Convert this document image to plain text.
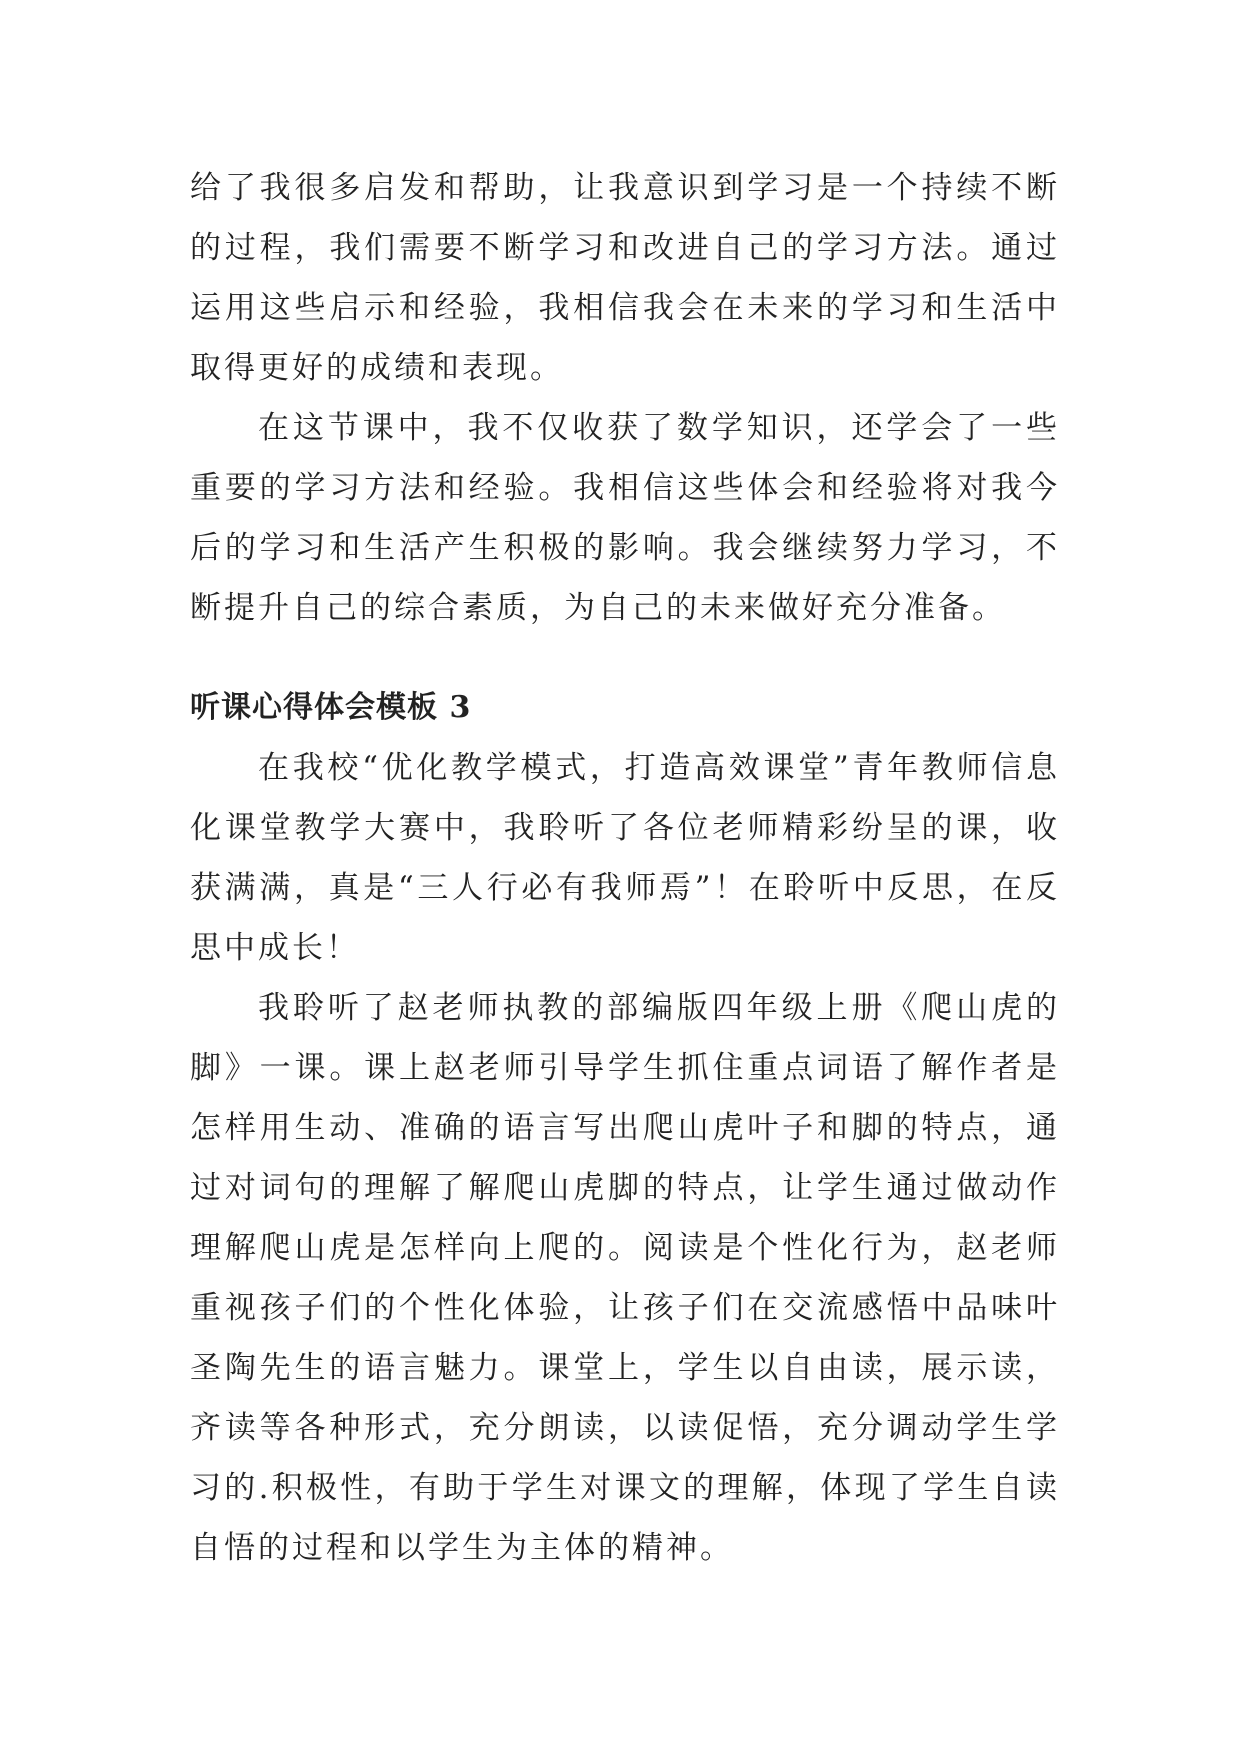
给了我很多启发和帮助，让我意识到学习是一个持续不断的过程，我们需要不断学习和改进自己的学习方法。通过运用这些启示和经验，我相信我会在未来的学习和生活中取得更好的成绩和表现。

在这节课中，我不仅收获了数学知识，还学会了一些重要的学习方法和经验。我相信这些体会和经验将对我今后的学习和生活产生积极的影响。我会继续努力学习，不断提升自己的综合素质，为自己的未来做好充分准备。

听课心得体会模板 3

在我校“优化教学模式，打造高效课堂”青年教师信息化课堂教学大赛中，我聆听了各位老师精彩纷呈的课，收获满满，真是“三人行必有我师焉”！在聆听中反思，在反思中成长！

我聆听了赵老师执教的部编版四年级上册《爬山虎的脚》一课。课上赵老师引导学生抓住重点词语了解作者是怎样用生动、准确的语言写出爬山虎叶子和脚的特点，通过对词句的理解了解爬山虎脚的特点，让学生通过做动作理解爬山虎是怎样向上爬的。阅读是个性化行为，赵老师重视孩子们的个性化体验，让孩子们在交流感悟中品味叶圣陶先生的语言魅力。课堂上，学生以自由读，展示读，齐读等各种形式，充分朗读，以读促悟，充分调动学生学习的.积极性，有助于学生对课文的理解，体现了学生自读自悟的过程和以学生为主体的精神。
